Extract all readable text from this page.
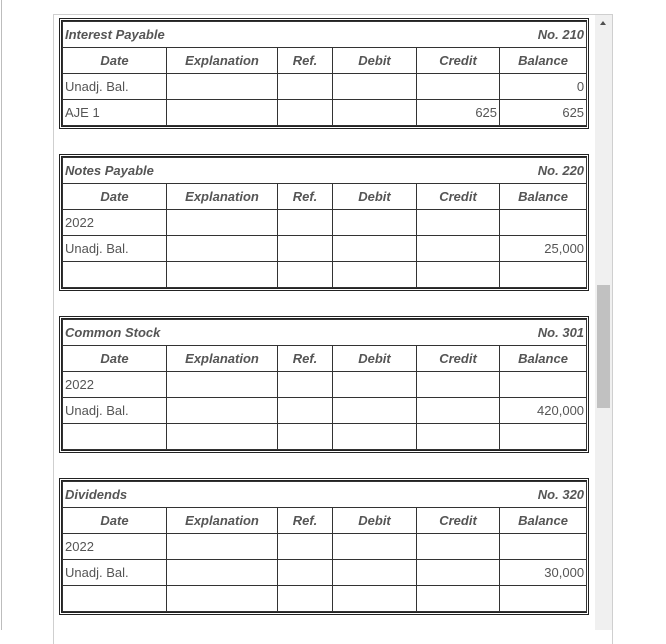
Interest Payable			No. 210		
Date	Explanation	Ref.	Debit	Credit	Balance
Unadj. Bal.					0
AJE 1				625	625
Notes Payable			No. 220		
Date	Explanation	Ref.	Debit	Credit	Balance
2022					
Unadj. Bal.					25,000

Common Stock			No. 301		
Date	Explanation	Ref.	Debit	Credit	Balance
2022					
Unadj. Bal.					420,000

Dividends			No. 320		
Date	Explanation	Ref.	Debit	Credit	Balance
2022					
Unadj. Bal.					30,000
